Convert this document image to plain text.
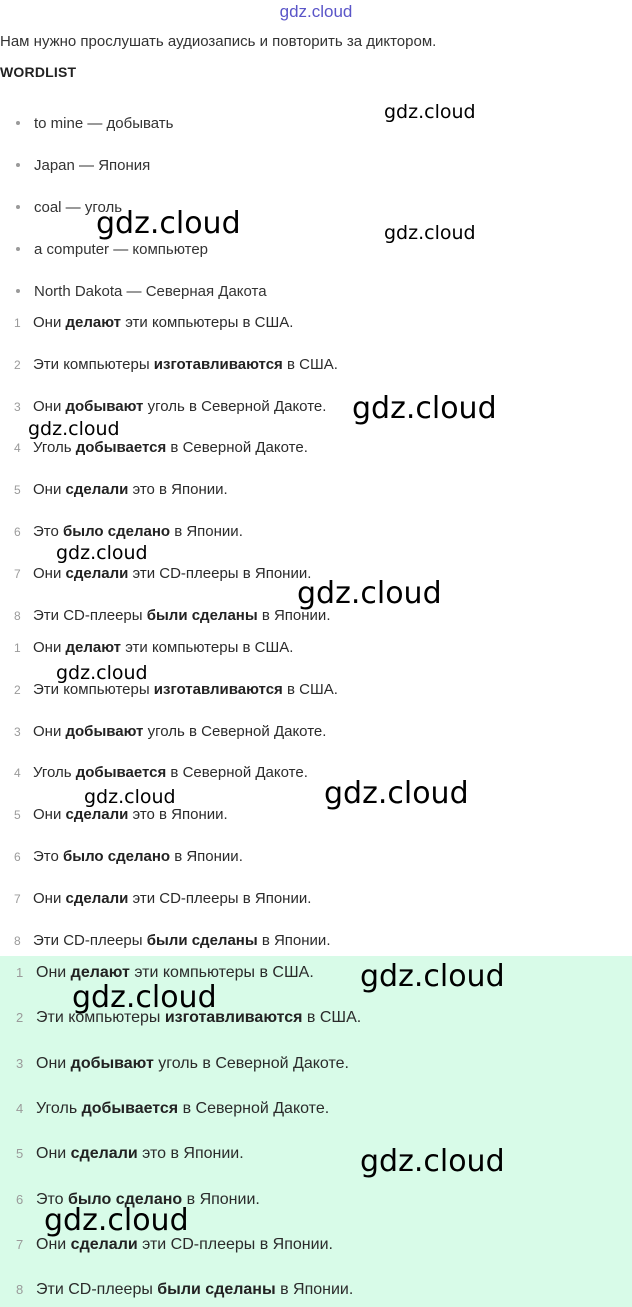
gdz.cloud
Нам нужно прослушать аудиозапись и повторить за диктором.
WORDLIST
to mine — добывать
Japan — Япония
coal — уголь
a computer — компьютер
North Dakota — Северная Дакота
1 Они делают эти компьютеры в США.
2 Эти компьютеры изготавливаются в США.
3 Они добывают уголь в Северной Дакоте.
4 Уголь добывается в Северной Дакоте.
5 Они сделали это в Японии.
6 Это было сделано в Японии.
7 Они сделали эти CD-плееры в Японии.
8 Эти CD-плееры были сделаны в Японии.
1 Они делают эти компьютеры в США.
2 Эти компьютеры изготавливаются в США.
3 Они добывают уголь в Северной Дакоте.
4 Уголь добывается в Северной Дакоте.
5 Они сделали это в Японии.
6 Это было сделано в Японии.
7 Они сделали эти CD-плееры в Японии.
8 Эти CD-плееры были сделаны в Японии.
1 Они делают эти компьютеры в США.
2 Эти компьютеры изготавливаются в США.
3 Они добывают уголь в Северной Дакоте.
4 Уголь добывается в Северной Дакоте.
5 Они сделали это в Японии.
6 Это было сделано в Японии.
7 Они сделали эти CD-плееры в Японии.
8 Эти CD-плееры были сделаны в Японии.
gdz.cloud
gdz.cloud	gdz.cloud
gdz.cloud
gdz.cloud
gdz.cloud
gdz.cloud
gdz.cloud
gdz.cloud
gdz.cloud
gdz.cloud
gdz.cloud
gdz.cloud
gdz.cloud
